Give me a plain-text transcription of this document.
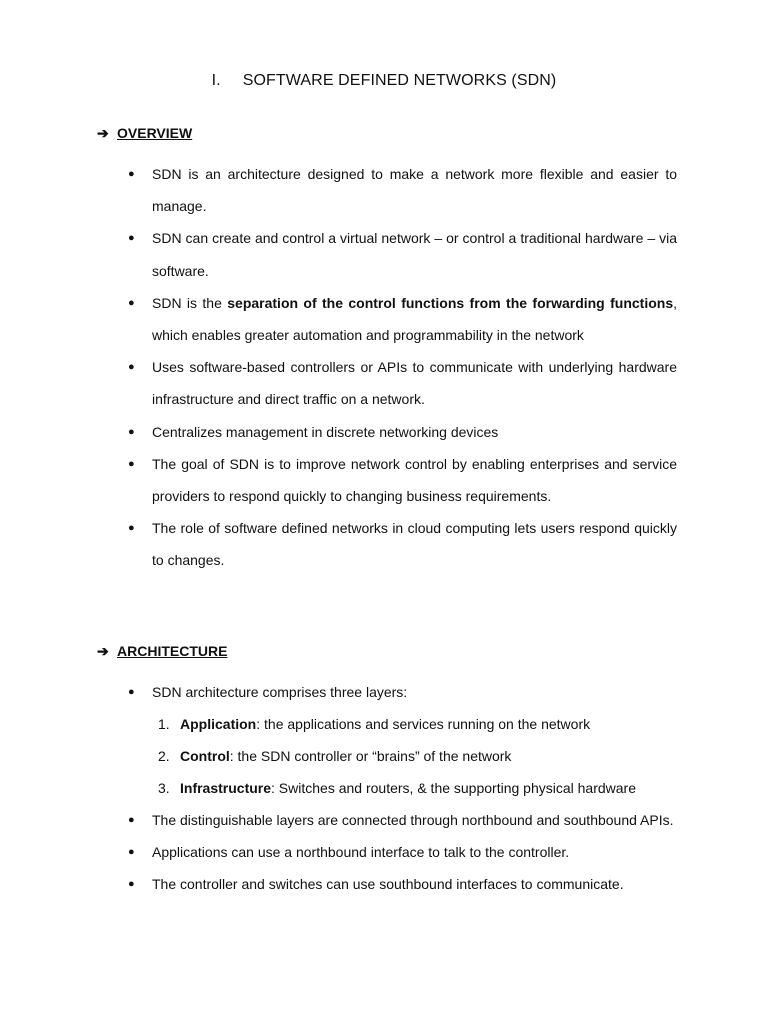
I. SOFTWARE DEFINED NETWORKS (SDN)
➔ OVERVIEW
● SDN is an architecture designed to make a network more flexible and easier to manage.
● SDN can create and control a virtual network – or control a traditional hardware – via software.
● SDN is the separation of the control functions from the forwarding functions, which enables greater automation and programmability in the network
● Uses software-based controllers or APIs to communicate with underlying hardware infrastructure and direct traffic on a network.
● Centralizes management in discrete networking devices
● The goal of SDN is to improve network control by enabling enterprises and service providers to respond quickly to changing business requirements.
● The role of software defined networks in cloud computing lets users respond quickly to changes.
➔ ARCHITECTURE
● SDN architecture comprises three layers:
1. Application: the applications and services running on the network
2. Control: the SDN controller or “brains” of the network
3. Infrastructure: Switches and routers, & the supporting physical hardware
● The distinguishable layers are connected through northbound and southbound APIs.
● Applications can use a northbound interface to talk to the controller.
● The controller and switches can use southbound interfaces to communicate.
